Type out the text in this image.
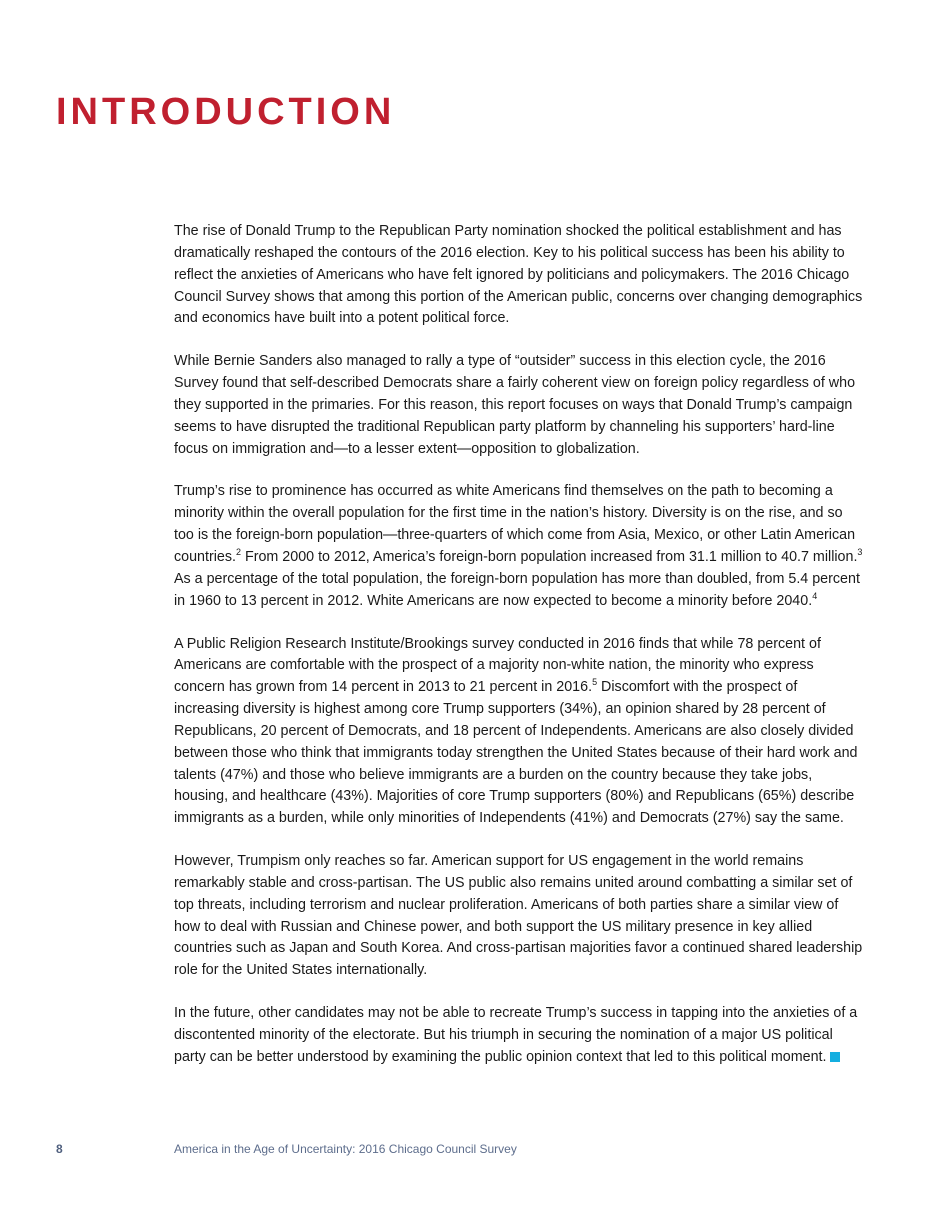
INTRODUCTION

The rise of Donald Trump to the Republican Party nomination shocked the political establishment and has dramatically reshaped the contours of the 2016 election. Key to his political success has been his ability to reflect the anxieties of Americans who have felt ignored by politicians and policymakers. The 2016 Chicago Council Survey shows that among this portion of the American public, concerns over changing demographics and economics have built into a potent political force.

While Bernie Sanders also managed to rally a type of “outsider” success in this election cycle, the 2016 Survey found that self-described Democrats share a fairly coherent view on foreign policy regardless of who they supported in the primaries. For this reason, this report focuses on ways that Donald Trump’s campaign seems to have disrupted the traditional Republican party platform by channeling his supporters’ hard-line focus on immigration and—to a lesser extent—opposition to globalization.

Trump’s rise to prominence has occurred as white Americans find themselves on the path to becoming a minority within the overall population for the first time in the nation’s history. Diversity is on the rise, and so too is the foreign-born population—three-quarters of which come from Asia, Mexico, or other Latin American countries.$^2$ From 2000 to 2012, America’s foreign-born population increased from 31.1 million to 40.7 million.$^3$ As a percentage of the total population, the foreign-born population has more than doubled, from 5.4 percent in 1960 to 13 percent in 2012. White Americans are now expected to become a minority before 2040.$^4$

A Public Religion Research Institute/Brookings survey conducted in 2016 finds that while 78 percent of Americans are comfortable with the prospect of a majority non-white nation, the minority who express concern has grown from 14 percent in 2013 to 21 percent in 2016.$^5$ Discomfort with the prospect of increasing diversity is highest among core Trump supporters (34%), an opinion shared by 28 percent of Republicans, 20 percent of Democrats, and 18 percent of Independents. Americans are also closely divided between those who think that immigrants today strengthen the United States because of their hard work and talents (47%) and those who believe immigrants are a burden on the country because they take jobs, housing, and healthcare (43%). Majorities of core Trump supporters (80%) and Republicans (65%) describe immigrants as a burden, while only minorities of Independents (41%) and Democrats (27%) say the same.

However, Trumpism only reaches so far. American support for US engagement in the world remains remarkably stable and cross-partisan. The US public also remains united around combatting a similar set of top threats, including terrorism and nuclear proliferation. Americans of both parties share a similar view of how to deal with Russian and Chinese power, and both support the US military presence in key allied countries such as Japan and South Korea. And cross-partisan majorities favor a continued shared leadership role for the United States internationally.

In the future, other candidates may not be able to recreate Trump’s success in tapping into the anxieties of a discontented minority of the electorate. But his triumph in securing the nomination of a major US political party can be better understood by examining the public opinion context that led to this political moment.

8	America in the Age of Uncertainty: 2016 Chicago Council Survey
